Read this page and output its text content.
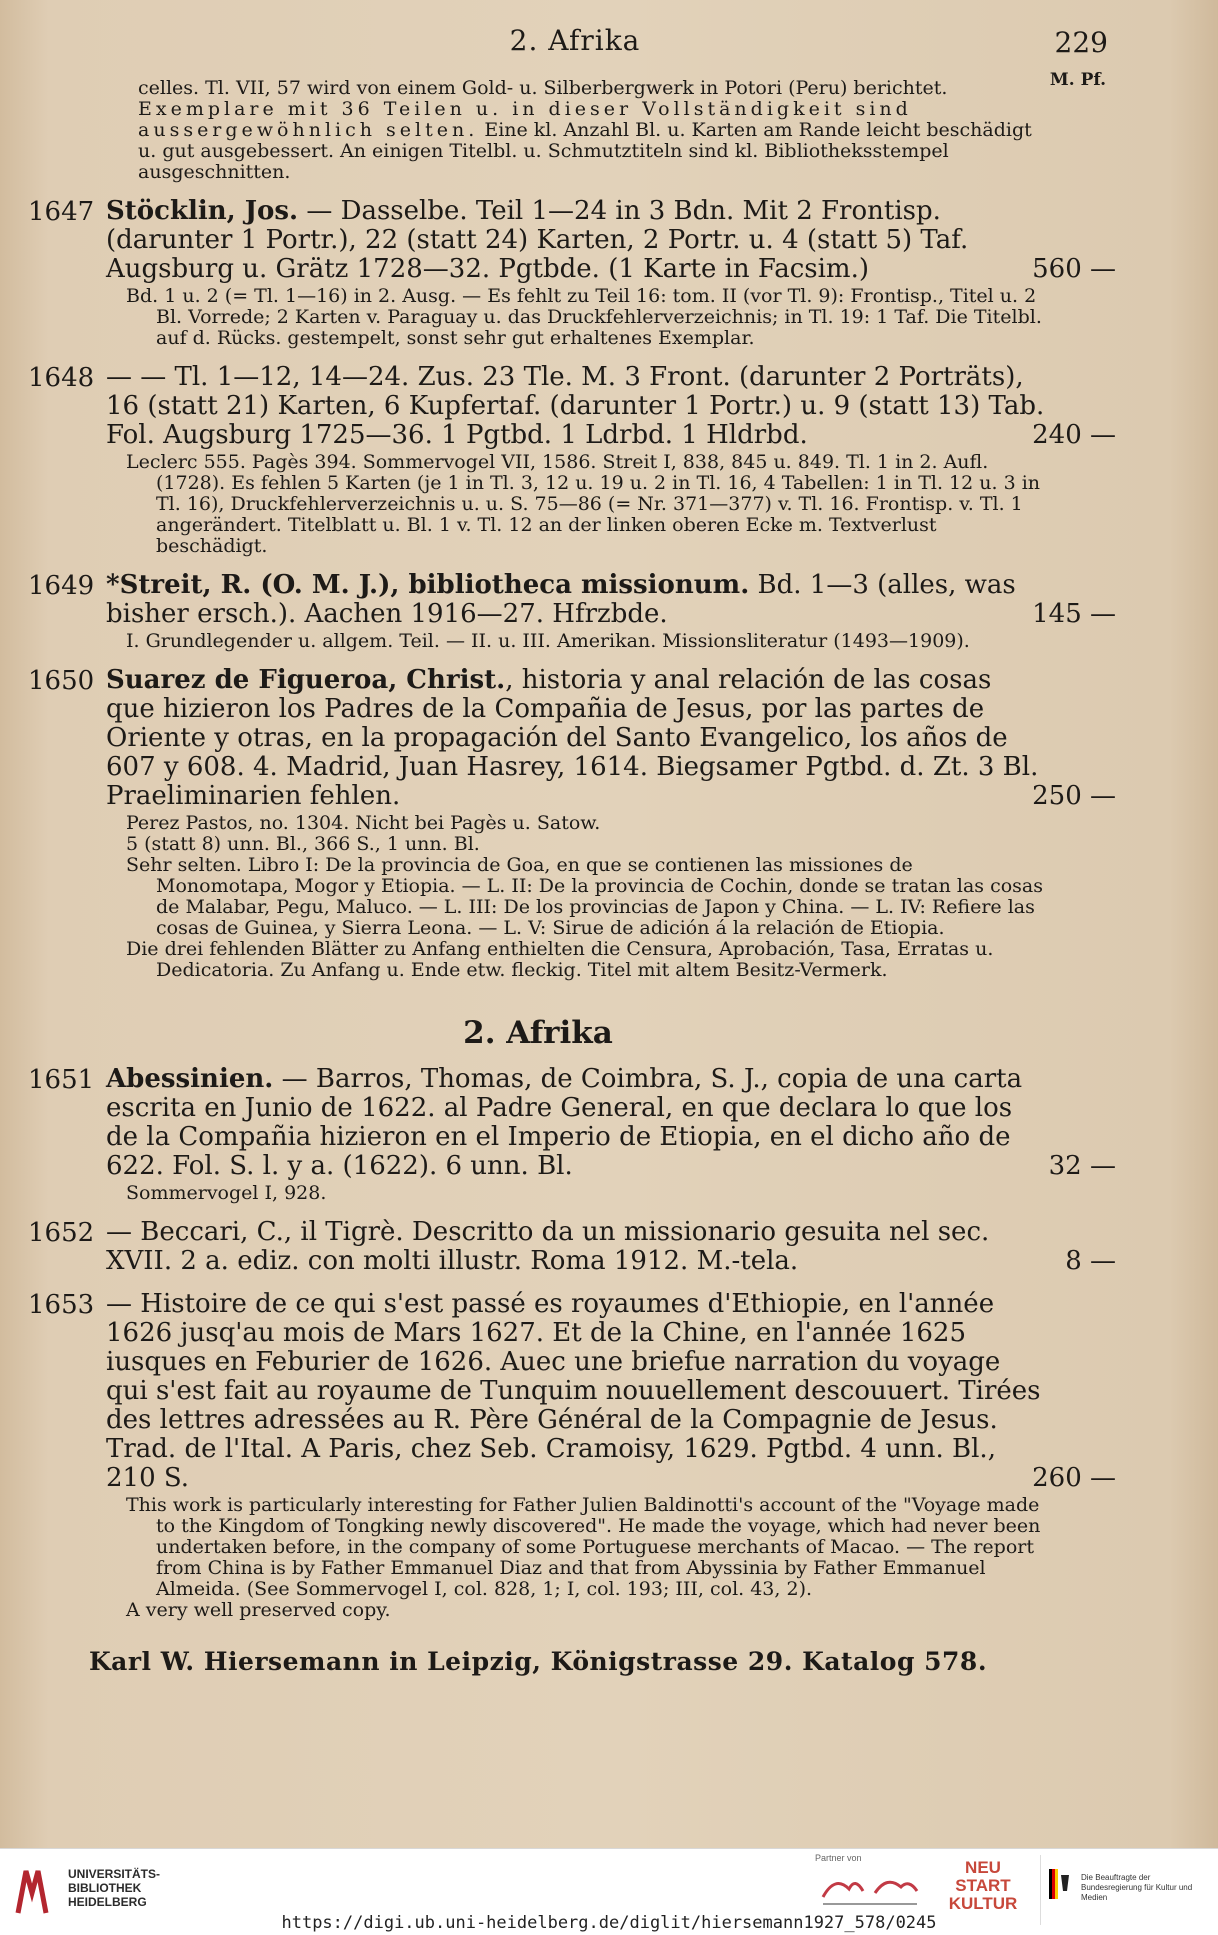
2. Afrika	229
M. Pf.
celles. Tl. VII, 57 wird von einem Gold- u. Silberbergwerk in Potori (Peru) berichtet.
Exemplare mit 36 Teilen u. in dieser Vollständigkeit sind aussergewöhnlich selten. Eine kl. Anzahl Bl. u. Karten am Rande leicht beschädigt u. gut ausgebessert. An einigen Titelbl. u. Schmutztiteln sind kl. Bibliotheksstempel ausgeschnitten.
1647 Stöcklin, Jos. — Dasselbe. Teil 1—24 in 3 Bdn. Mit 2 Frontisp. (darunter 1 Portr.), 22 (statt 24) Karten, 2 Portr. u. 4 (statt 5) Taf. Augsburg u. Grätz 1728—32. Pgtbde. (1 Karte in Facsim.)	560 —

Bd. 1 u. 2 (= Tl. 1—16) in 2. Ausg. — Es fehlt zu Teil 16: tom. II (vor Tl. 9): Frontisp., Titel u. 2 Bl. Vorrede; 2 Karten v. Paraguay u. das Druckfehlerverzeichnis; in Tl. 19: 1 Taf. Die Titelbl. auf d. Rücks. gestempelt, sonst sehr gut erhaltenes Exemplar.

1648 — — Tl. 1—12, 14—24. Zus. 23 Tle. M. 3 Front. (darunter 2 Porträts), 16 (statt 21) Karten, 6 Kupfertaf. (darunter 1 Portr.) u. 9 (statt 13) Tab. Fol. Augsburg 1725—36. 1 Pgtbd. 1 Ldrbd. 1 Hldrbd.	240 —

Leclerc 555. Pagès 394. Sommervogel VII, 1586. Streit I, 838, 845 u. 849. Tl. 1 in 2. Aufl. (1728). Es fehlen 5 Karten (je 1 in Tl. 3, 12 u. 19 u. 2 in Tl. 16, 4 Tabellen: 1 in Tl. 12 u. 3 in Tl. 16), Druckfehlerverzeichnis u. u. S. 75—86 (= Nr. 371—377) v. Tl. 16. Frontisp. v. Tl. 1 angerändert. Titelblatt u. Bl. 1 v. Tl. 12 an der linken oberen Ecke m. Textverlust beschädigt.

1649 *Streit, R. (O. M. J.), bibliotheca missionum. Bd. 1—3 (alles, was bisher ersch.). Aachen 1916—27. Hfrzbde.	145 —

I. Grundlegender u. allgem. Teil. — II. u. III. Amerikan. Missionsliteratur (1493—1909).

1650 Suarez de Figueroa, Christ., historia y anal relación de las cosas que hizieron los Padres de la Compañia de Jesus, por las partes de Oriente y otras, en la propagación del Santo Evangelico, los años de 607 y 608. 4. Madrid, Juan Hasrey, 1614. Biegsamer Pgtbd. d. Zt. 3 Bl. Praeliminarien fehlen.	250 —

Perez Pastos, no. 1304. Nicht bei Pagès u. Satow.

5 (statt 8) unn. Bl., 366 S., 1 unn. Bl.

Sehr selten. Libro I: De la provincia de Goa, en que se contienen las missiones de Monomotapa, Mogor y Etiopia. — L. II: De la provincia de Cochin, donde se tratan las cosas de Malabar, Pegu, Maluco. — L. III: De los provincias de Japon y China. — L. IV: Refiere las cosas de Guinea, y Sierra Leona. — L. V: Sirue de adición á la relación de Etiopia.

Die drei fehlenden Blätter zu Anfang enthielten die Censura, Aprobación, Tasa, Erratas u. Dedicatoria. Zu Anfang u. Ende etw. fleckig. Titel mit altem Besitz-Vermerk.

2. Afrika
1651 Abessinien. — Barros, Thomas, de Coimbra, S. J., copia de una carta escrita en Junio de 1622. al Padre General, en que declara lo que los de la Compañia hizieron en el Imperio de Etiopia, en el dicho año de 622. Fol. S. l. y a. (1622). 6 unn. Bl.	32 —

Sommervogel I, 928.

1652 — Beccari, C., il Tigrè. Descritto da un missionario gesuita nel sec. XVII. 2 a. ediz. con molti illustr. Roma 1912. M.-tela.	8 —
1653 — Histoire de ce qui s'est passé es royaumes d'Ethiopie, en l'année 1626 jusq'au mois de Mars 1627. Et de la Chine, en l'année 1625 iusques en Feburier de 1626. Auec une briefue narration du voyage qui s'est fait au royaume de Tunquim nouuellement descouuert. Tirées des lettres adressées au R. Père Général de la Compagnie de Jesus. Trad. de l'Ital. A Paris, chez Seb. Cramoisy, 1629. Pgtbd. 4 unn. Bl., 210 S.	260 —

This work is particularly interesting for Father Julien Baldinotti's account of the "Voyage made to the Kingdom of Tongking newly discovered". He made the voyage, which had never been undertaken before, in the company of some Portuguese merchants of Macao. — The report from China is by Father Emmanuel Diaz and that from Abyssinia by Father Emmanuel Almeida. (See Sommervogel I, col. 828, 1; I, col. 193; III, col. 43, 2).

A very well preserved copy.

Karl W. Hiersemann in Leipzig, Königstrasse 29. Katalog 578.
UNIVERSITÄTS-
BIBLIOTHEK
HEIDELBERG
Partner von	NEU
START
KULTUR
Die Beauftragte der Bundesregierung für Kultur und Medien
https://digi.ub.uni-heidelberg.de/diglit/hiersemann1927_578/0245
